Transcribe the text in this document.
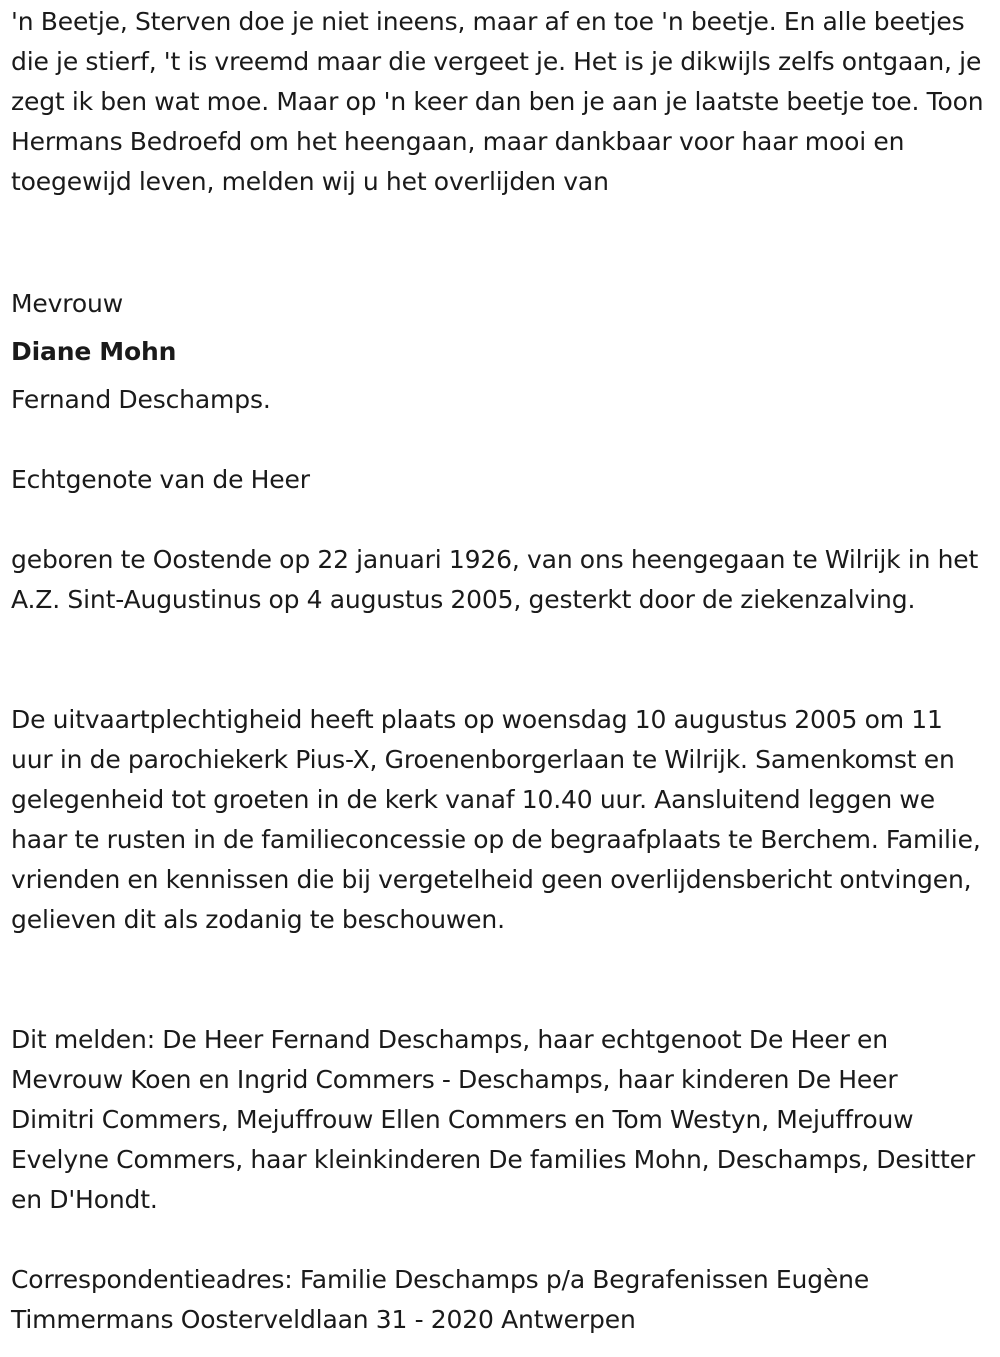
'n Beetje, Sterven doe je niet ineens, maar af en toe 'n beetje. En alle beetjes die je stierf, 't is vreemd maar die vergeet je. Het is je dikwijls zelfs ontgaan, je zegt ik ben wat moe. Maar op 'n keer dan ben je aan je laatste beetje toe. Toon Hermans Bedroefd om het heengaan, maar dankbaar voor haar mooi en toegewijd leven, melden wij u het overlijden van

Mevrouw

Diane Mohn

Fernand Deschamps.

Echtgenote van de Heer

geboren te Oostende op 22 januari 1926, van ons heengegaan te Wilrijk in het A.Z. Sint-Augustinus op 4 augustus 2005, gesterkt door de ziekenzalving.

De uitvaartplechtigheid heeft plaats op woensdag 10 augustus 2005 om 11 uur in de parochiekerk Pius-X, Groenenborgerlaan te Wilrijk. Samenkomst en gelegenheid tot groeten in de kerk vanaf 10.40 uur. Aansluitend leggen we haar te rusten in de familieconcessie op de begraafplaats te Berchem. Familie, vrienden en kennissen die bij vergetelheid geen overlijdensbericht ontvingen, gelieven dit als zodanig te beschouwen.

Dit melden: De Heer Fernand Deschamps, haar echtgenoot De Heer en Mevrouw Koen en Ingrid Commers - Deschamps, haar kinderen De Heer Dimitri Commers, Mejuffrouw Ellen Commers en Tom Westyn, Mejuffrouw Evelyne Commers, haar kleinkinderen De families Mohn, Deschamps, Desitter en D'Hondt.

Correspondentieadres: Familie Deschamps p/a Begrafenissen Eugène Timmermans Oosterveldlaan 31 - 2020 Antwerpen
